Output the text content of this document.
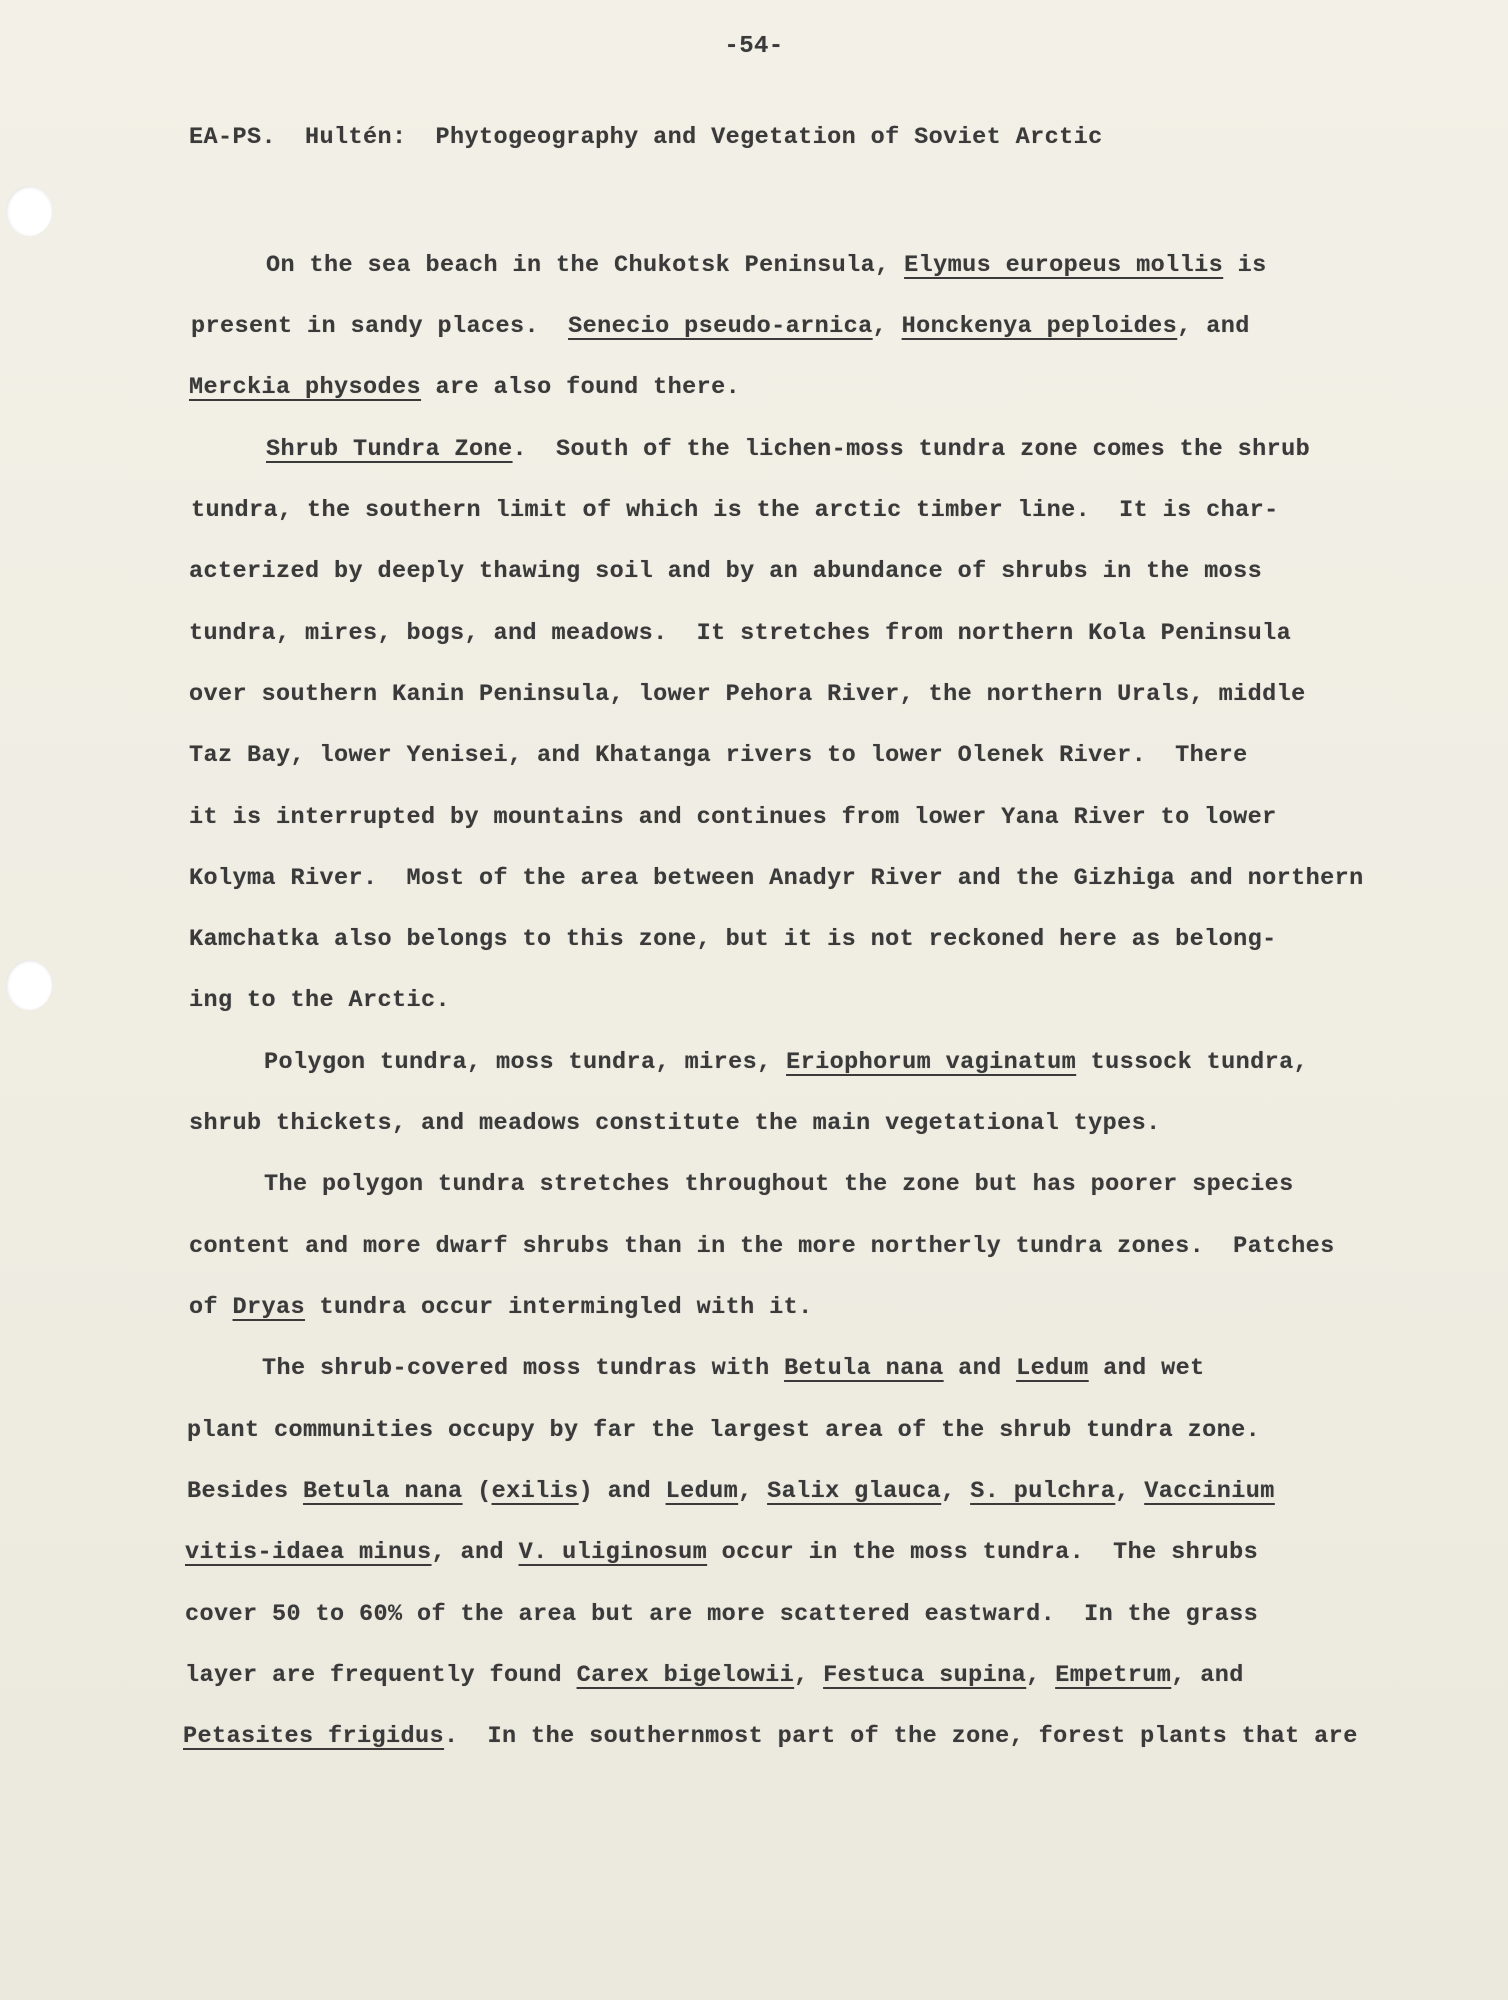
-54-
EA-PS.  Hultén:  Phytogeography and Vegetation of Soviet Arctic
On the sea beach in the Chukotsk Peninsula, Elymus europeus mollis is
present in sandy places.  Senecio pseudo-arnica, Honckenya peploides, and
Merckia physodes are also found there.
Shrub Tundra Zone.  South of the lichen-moss tundra zone comes the shrub
tundra, the southern limit of which is the arctic timber line.  It is char-
acterized by deeply thawing soil and by an abundance of shrubs in the moss
tundra, mires, bogs, and meadows.  It stretches from northern Kola Peninsula
over southern Kanin Peninsula, lower Pehora River, the northern Urals, middle
Taz Bay, lower Yenisei, and Khatanga rivers to lower Olenek River.  There
it is interrupted by mountains and continues from lower Yana River to lower
Kolyma River.  Most of the area between Anadyr River and the Gizhiga and northern
Kamchatka also belongs to this zone, but it is not reckoned here as belong-
ing to the Arctic.
Polygon tundra, moss tundra, mires, Eriophorum vaginatum tussock tundra,
shrub thickets, and meadows constitute the main vegetational types.
The polygon tundra stretches throughout the zone but has poorer species
content and more dwarf shrubs than in the more northerly tundra zones.  Patches
of Dryas tundra occur intermingled with it.
The shrub-covered moss tundras with Betula nana and Ledum and wet
plant communities occupy by far the largest area of the shrub tundra zone.
Besides Betula nana (exilis) and Ledum, Salix glauca, S. pulchra, Vaccinium
vitis-idaea minus, and V. uliginosum occur in the moss tundra.  The shrubs
cover 50 to 60% of the area but are more scattered eastward.  In the grass
layer are frequently found Carex bigelowii, Festuca supina, Empetrum, and
Petasites frigidus.  In the southernmost part of the zone, forest plants that are
